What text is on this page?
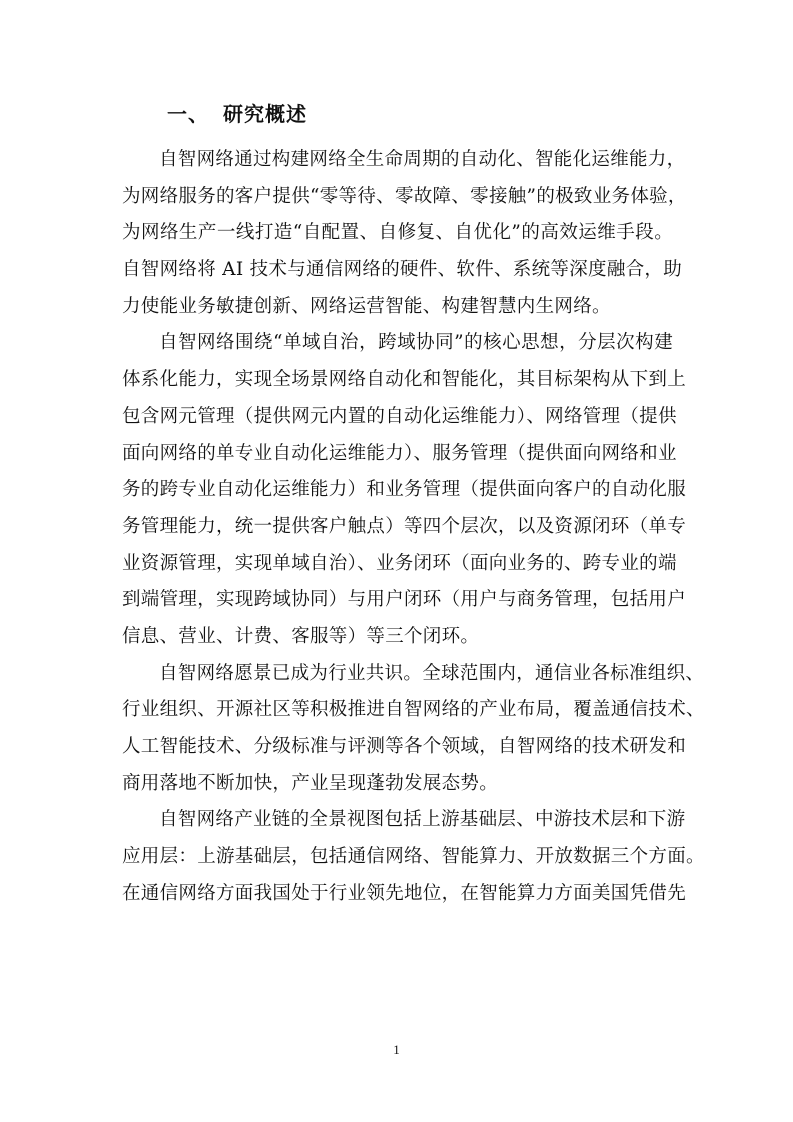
一、 研究概述
自智网络通过构建网络全生命周期的自动化、智能化运维能力，
为网络服务的客户提供“零等待、零故障、零接触”的极致业务体验，
为网络生产一线打造“自配置、自修复、自优化”的高效运维手段。
自智网络将 AI 技术与通信网络的硬件、软件、系统等深度融合，助
力使能业务敏捷创新、网络运营智能、构建智慧内生网络。
自智网络围绕“单域自治，跨域协同”的核心思想，分层次构建
体系化能力，实现全场景网络自动化和智能化，其目标架构从下到上
包含网元管理（提供网元内置的自动化运维能力）、网络管理（提供
面向网络的单专业自动化运维能力）、服务管理（提供面向网络和业
务的跨专业自动化运维能力）和业务管理（提供面向客户的自动化服
务管理能力，统一提供客户触点）等四个层次，以及资源闭环（单专
业资源管理，实现单域自治）、业务闭环（面向业务的、跨专业的端
到端管理，实现跨域协同）与用户闭环（用户与商务管理，包括用户
信息、营业、计费、客服等）等三个闭环。
自智网络愿景已成为行业共识。全球范围内，通信业各标准组织、
行业组织、开源社区等积极推进自智网络的产业布局，覆盖通信技术、
人工智能技术、分级标准与评测等各个领域，自智网络的技术研发和
商用落地不断加快，产业呈现蓬勃发展态势。
自智网络产业链的全景视图包括上游基础层、中游技术层和下游
应用层：上游基础层，包括通信网络、智能算力、开放数据三个方面。
在通信网络方面我国处于行业领先地位，在智能算力方面美国凭借先
1
